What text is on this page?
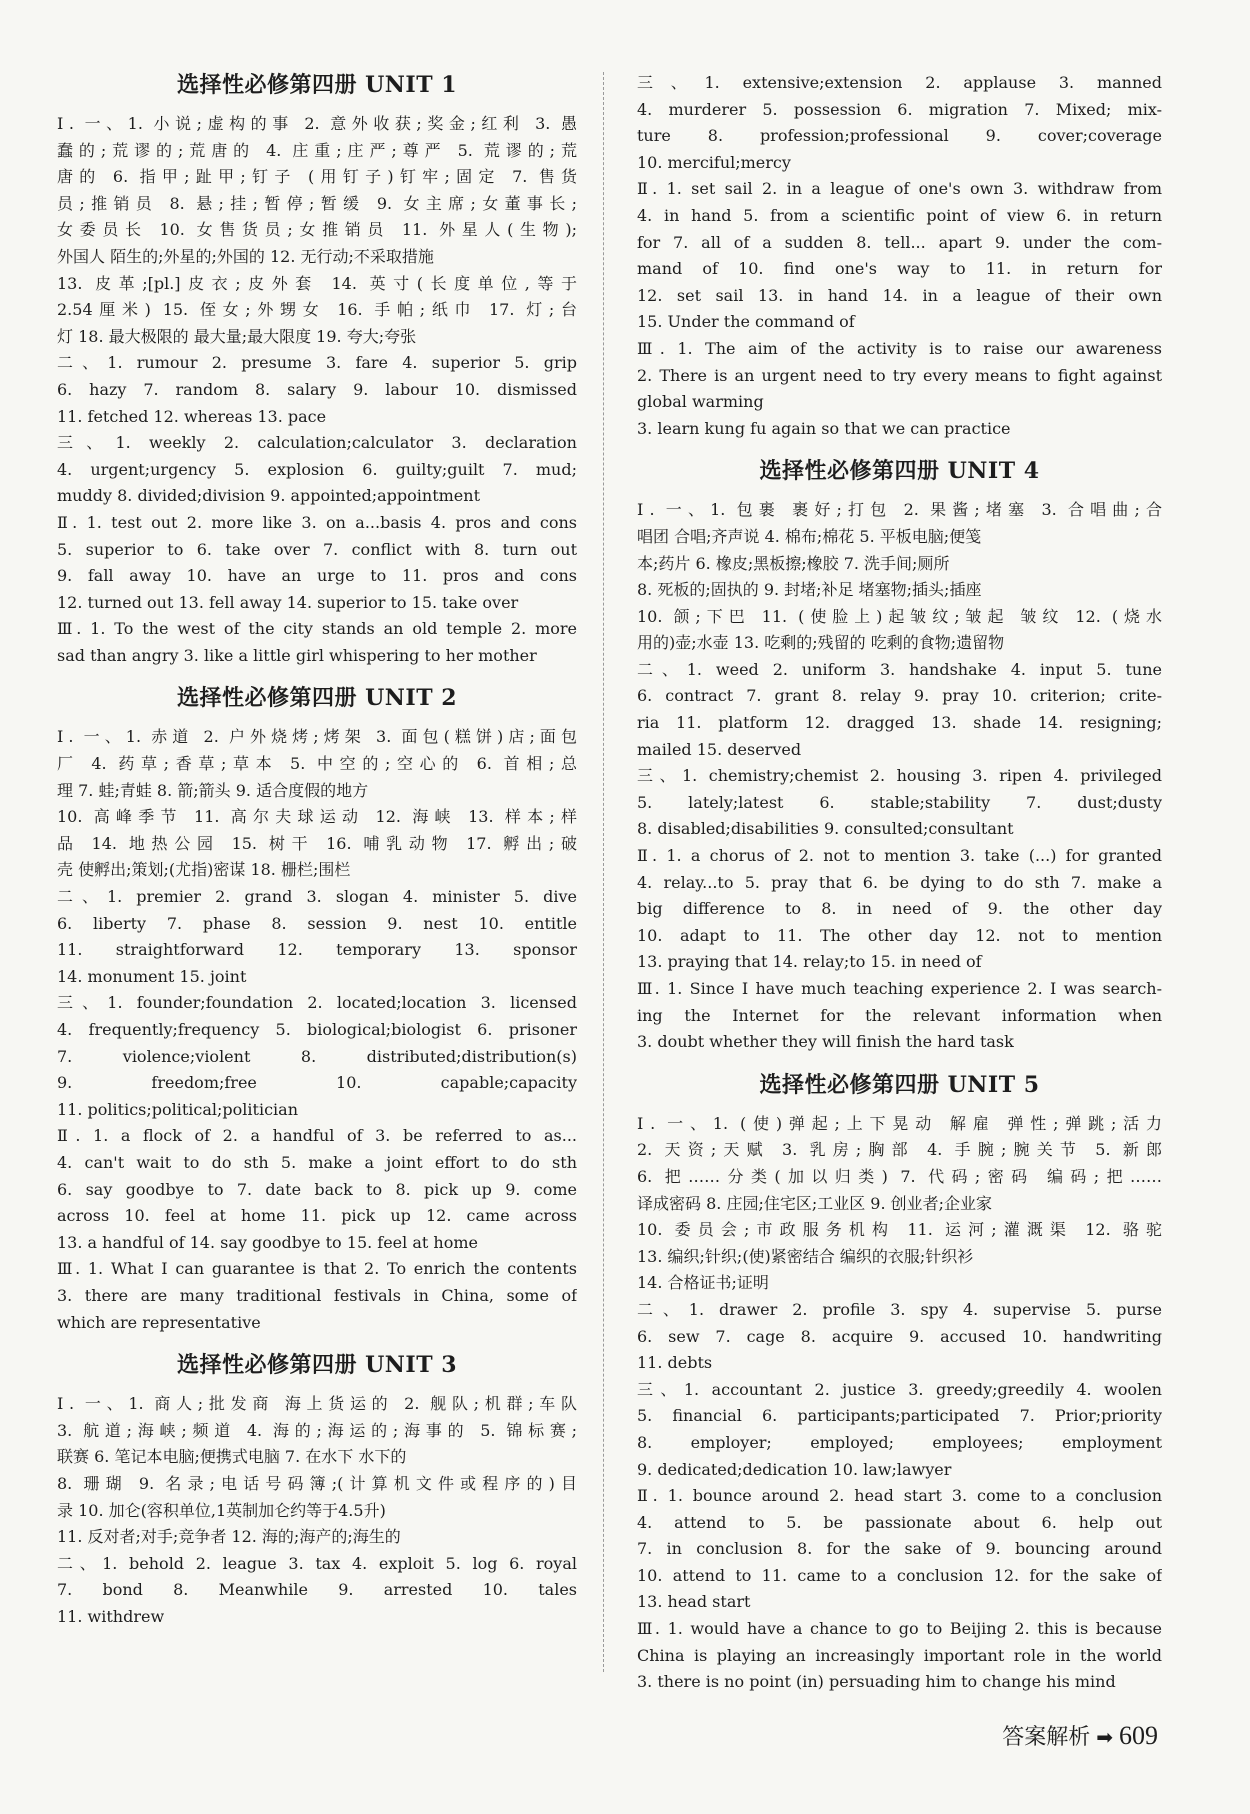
选择性必修第四册 UNIT 1
Ⅰ. 一、1. 小说;虚构的事 2. 意外收获;奖金;红利 3. 愚
蠢的;荒谬的;荒唐的 4. 庄重;庄严;尊严 5. 荒谬的;荒
唐的 6. 指甲;趾甲;钉子 (用钉子)钉牢;固定 7. 售货
员;推销员 8. 悬;挂;暂停;暂缓 9. 女主席;女董事长;
女委员长 10. 女售货员;女推销员 11. 外星人(生物);
外国人 陌生的;外星的;外国的 12. 无行动;不采取措施
13. 皮革;[pl.]皮衣;皮外套 14. 英寸(长度单位,等于
2.54厘米) 15. 侄女;外甥女 16. 手帕;纸巾 17. 灯;台
灯 18. 最大极限的 最大量;最大限度 19. 夸大;夸张
二、1. rumour 2. presume 3. fare 4. superior 5. grip
6. hazy 7. random 8. salary 9. labour 10. dismissed
11. fetched 12. whereas 13. pace
三、1. weekly 2. calculation;calculator 3. declaration
4. urgent;urgency 5. explosion 6. guilty;guilt 7. mud;
muddy 8. divided;division 9. appointed;appointment
Ⅱ. 1. test out 2. more like 3. on a...basis 4. pros and cons
5. superior to 6. take over 7. conflict with 8. turn out
9. fall away 10. have an urge to 11. pros and cons
12. turned out 13. fell away 14. superior to 15. take over
Ⅲ. 1. To the west of the city stands an old temple 2. more
sad than angry 3. like a little girl whispering to her mother
选择性必修第四册 UNIT 2
Ⅰ. 一、1. 赤道 2. 户外烧烤;烤架 3. 面包(糕饼)店;面包
厂 4. 药草;香草;草本 5. 中空的;空心的 6. 首相;总
理 7. 蛙;青蛙 8. 箭;箭头 9. 适合度假的地方
10. 高峰季节 11. 高尔夫球运动 12. 海峡 13. 样本;样
品 14. 地热公园 15. 树干 16. 哺乳动物 17. 孵出;破
壳 使孵出;策划;(尤指)密谋 18. 栅栏;围栏
二、1. premier 2. grand 3. slogan 4. minister 5. dive
6. liberty 7. phase 8. session 9. nest 10. entitle
11. straightforward 12. temporary 13. sponsor
14. monument 15. joint
三、1. founder;foundation 2. located;location 3. licensed
4. frequently;frequency 5. biological;biologist 6. prisoner
7. violence;violent 8. distributed;distribution(s)
9. freedom;free 10. capable;capacity
11. politics;political;politician
Ⅱ. 1. a flock of 2. a handful of 3. be referred to as...
4. can't wait to do sth 5. make a joint effort to do sth
6. say goodbye to 7. date back to 8. pick up 9. come
across 10. feel at home 11. pick up 12. came across
13. a handful of 14. say goodbye to 15. feel at home
Ⅲ. 1. What I can guarantee is that 2. To enrich the contents
3. there are many traditional festivals in China, some of
which are representative
选择性必修第四册 UNIT 3
Ⅰ. 一、1. 商人;批发商 海上货运的 2. 舰队;机群;车队
3. 航道;海峡;频道 4. 海的;海运的;海事的 5. 锦标赛;
联赛 6. 笔记本电脑;便携式电脑 7. 在水下 水下的
8. 珊瑚 9. 名录;电话号码簿;(计算机文件或程序的)目
录 10. 加仑(容积单位,1英制加仑约等于4.5升)
11. 反对者;对手;竞争者 12. 海的;海产的;海生的
二、1. behold 2. league 3. tax 4. exploit 5. log 6. royal
7. bond 8. Meanwhile 9. arrested 10. tales
11. withdrew
三、1. extensive;extension 2. applause 3. manned
4. murderer 5. possession 6. migration 7. Mixed; mix-
ture 8. profession;professional 9. cover;coverage
10. merciful;mercy
Ⅱ. 1. set sail 2. in a league of one's own 3. withdraw from
4. in hand 5. from a scientific point of view 6. in return
for 7. all of a sudden 8. tell... apart 9. under the com-
mand of 10. find one's way to 11. in return for
12. set sail 13. in hand 14. in a league of their own
15. Under the command of
Ⅲ. 1. The aim of the activity is to raise our awareness
2. There is an urgent need to try every means to fight against
global warming
3. learn kung fu again so that we can practice
选择性必修第四册 UNIT 4
Ⅰ. 一、1. 包裹 裹好;打包 2. 果酱;堵塞 3. 合唱曲;合
唱团 合唱;齐声说 4. 棉布;棉花 5. 平板电脑;便笺
本;药片 6. 橡皮;黑板擦;橡胶 7. 洗手间;厕所
8. 死板的;固执的 9. 封堵;补足 堵塞物;插头;插座
10. 颌;下巴 11. (使脸上)起皱纹;皱起 皱纹 12. (烧水
用的)壶;水壶 13. 吃剩的;残留的 吃剩的食物;遗留物
二、1. weed 2. uniform 3. handshake 4. input 5. tune
6. contract 7. grant 8. relay 9. pray 10. criterion; crite-
ria 11. platform 12. dragged 13. shade 14. resigning;
mailed 15. deserved
三、1. chemistry;chemist 2. housing 3. ripen 4. privileged
5. lately;latest 6. stable;stability 7. dust;dusty
8. disabled;disabilities 9. consulted;consultant
Ⅱ. 1. a chorus of 2. not to mention 3. take (...) for granted
4. relay...to 5. pray that 6. be dying to do sth 7. make a
big difference to 8. in need of 9. the other day
10. adapt to 11. The other day 12. not to mention
13. praying that 14. relay;to 15. in need of
Ⅲ. 1. Since I have much teaching experience 2. I was search-
ing the Internet for the relevant information when
3. doubt whether they will finish the hard task
选择性必修第四册 UNIT 5
Ⅰ. 一、1. (使)弹起;上下晃动 解雇 弹性;弹跳;活力
2. 天资;天赋 3. 乳房;胸部 4. 手腕;腕关节 5. 新郎
6. 把……分类(加以归类) 7. 代码;密码 编码;把……
译成密码 8. 庄园;住宅区;工业区 9. 创业者;企业家
10. 委员会;市政服务机构 11. 运河;灌溉渠 12. 骆驼
13. 编织;针织;(使)紧密结合 编织的衣服;针织衫
14. 合格证书;证明
二、1. drawer 2. profile 3. spy 4. supervise 5. purse
6. sew 7. cage 8. acquire 9. accused 10. handwriting
11. debts
三、1. accountant 2. justice 3. greedy;greedily 4. woolen
5. financial 6. participants;participated 7. Prior;priority
8. employer; employed; employees; employment
9. dedicated;dedication 10. law;lawyer
Ⅱ. 1. bounce around 2. head start 3. come to a conclusion
4. attend to 5. be passionate about 6. help out
7. in conclusion 8. for the sake of 9. bouncing around
10. attend to 11. came to a conclusion 12. for the sake of
13. head start
Ⅲ. 1. would have a chance to go to Beijing 2. this is because
China is playing an increasingly important role in the world
3. there is no point (in) persuading him to change his mind
答案解析 ➡ 609
